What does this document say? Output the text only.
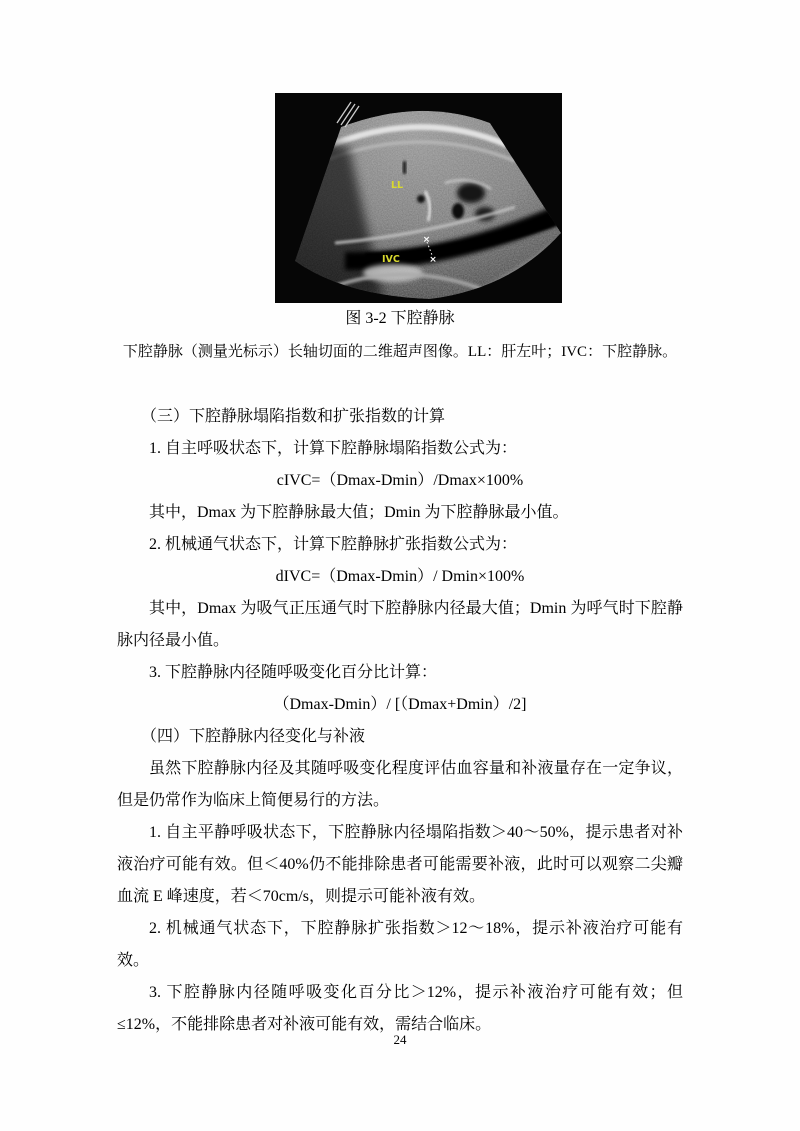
×
×
LL
IVC
图 3-2 下腔静脉
下腔静脉（测量光标示）长轴切面的二维超声图像。LL：肝左叶；IVC：下腔静脉。

（三）下腔静脉塌陷指数和扩张指数的计算

1. 自主呼吸状态下，计算下腔静脉塌陷指数公式为：

cIVC=（Dmax-Dmin）/Dmax×100%

其中，Dmax 为下腔静脉最大值；Dmin 为下腔静脉最小值。

2. 机械通气状态下，计算下腔静脉扩张指数公式为：

dIVC=（Dmax-Dmin）/ Dmin×100%

其中，Dmax 为吸气正压通气时下腔静脉内径最大值；Dmin 为呼气时下腔静脉内径最小值。

3. 下腔静脉内径随呼吸变化百分比计算：

（Dmax-Dmin）/ [（Dmax+Dmin）/2]

（四）下腔静脉内径变化与补液

虽然下腔静脉内径及其随呼吸变化程度评估血容量和补液量存在一定争议，但是仍常作为临床上简便易行的方法。

1. 自主平静呼吸状态下，下腔静脉内径塌陷指数＞40～50%，提示患者对补液治疗可能有效。但＜40%仍不能排除患者可能需要补液，此时可以观察二尖瓣血流 E 峰速度，若＜70cm/s，则提示可能补液有效。

2. 机械通气状态下，下腔静脉扩张指数＞12～18%，提示补液治疗可能有效。

3. 下腔静脉内径随呼吸变化百分比＞12%，提示补液治疗可能有效；但≤12%，不能排除患者对补液可能有效，需结合临床。

24
